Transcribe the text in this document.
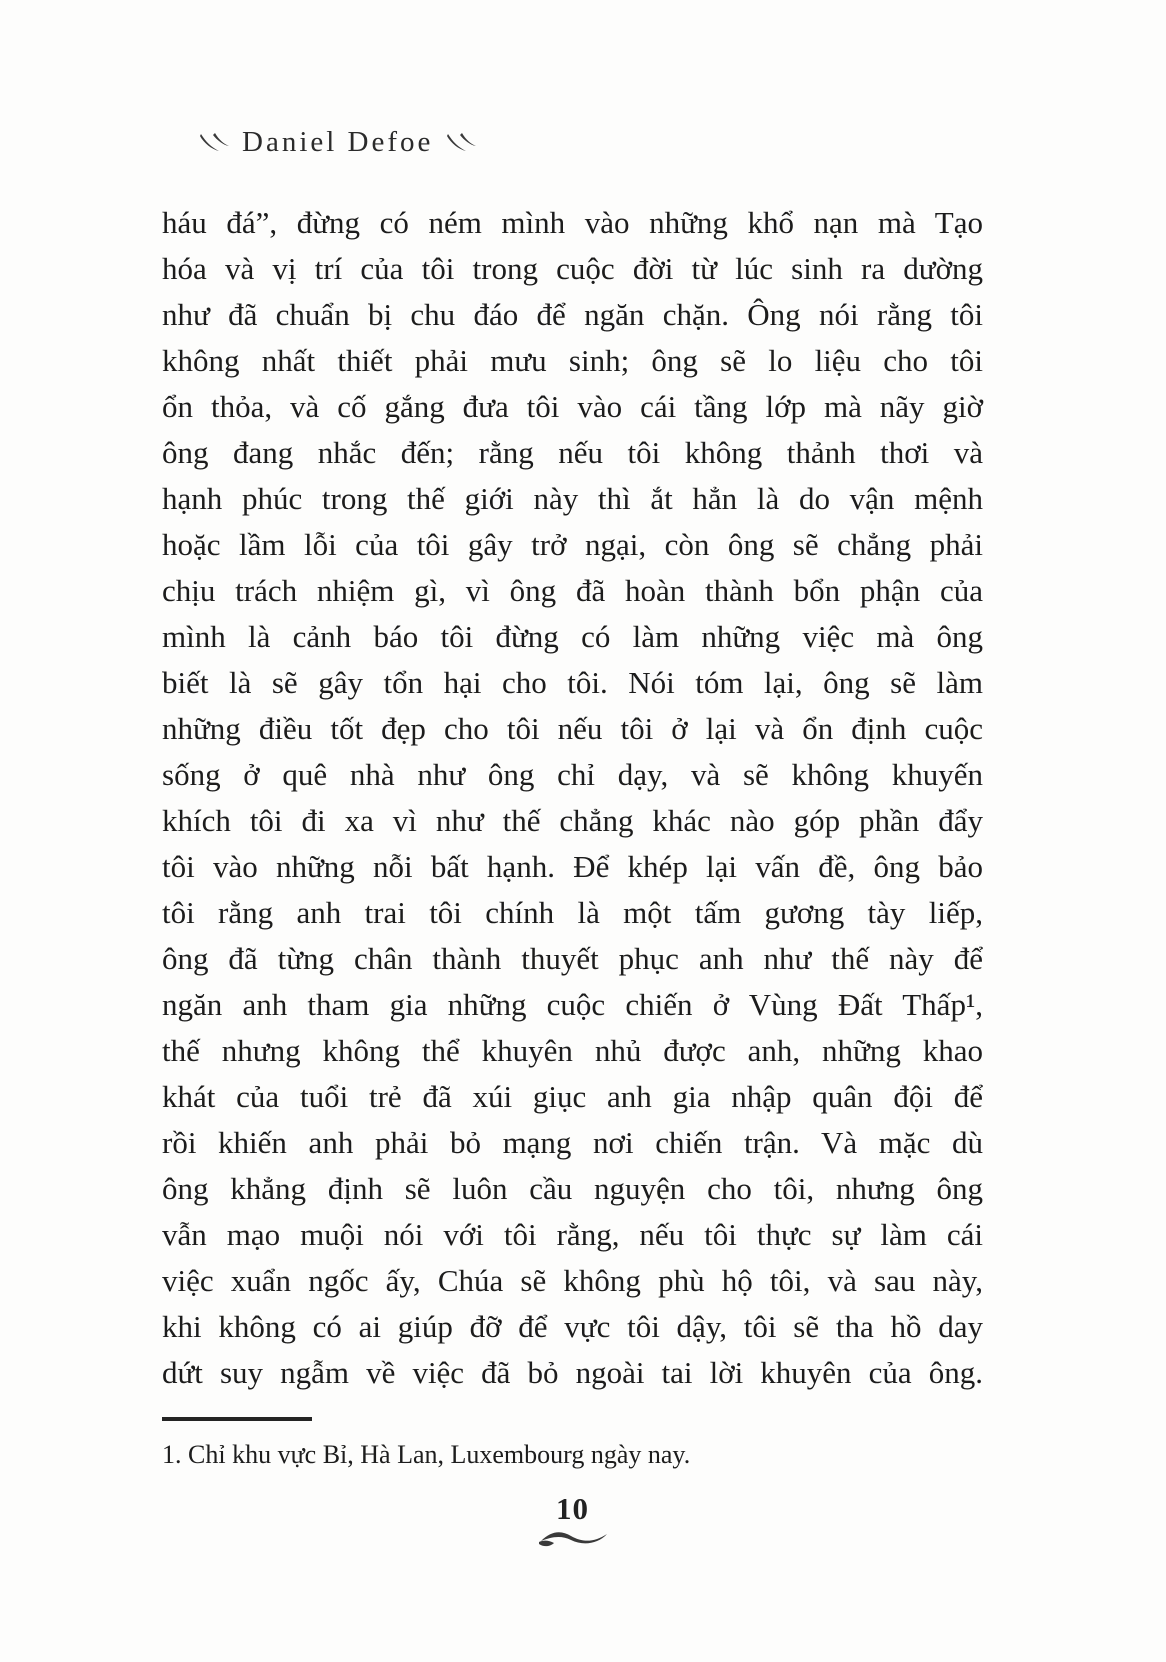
Daniel Defoe
háu đá”, đừng có ném mình vào những khổ nạn mà Tạo
hóa và vị trí của tôi trong cuộc đời từ lúc sinh ra dường
như đã chuẩn bị chu đáo để ngăn chặn. Ông nói rằng tôi
không nhất thiết phải mưu sinh; ông sẽ lo liệu cho tôi
ổn thỏa, và cố gắng đưa tôi vào cái tầng lớp mà nãy giờ
ông đang nhắc đến; rằng nếu tôi không thảnh thơi và
hạnh phúc trong thế giới này thì ắt hẳn là do vận mệnh
hoặc lầm lỗi của tôi gây trở ngại, còn ông sẽ chẳng phải
chịu trách nhiệm gì, vì ông đã hoàn thành bổn phận của
mình là cảnh báo tôi đừng có làm những việc mà ông
biết là sẽ gây tổn hại cho tôi. Nói tóm lại, ông sẽ làm
những điều tốt đẹp cho tôi nếu tôi ở lại và ổn định cuộc
sống ở quê nhà như ông chỉ dạy, và sẽ không khuyến
khích tôi đi xa vì như thế chẳng khác nào góp phần đẩy
tôi vào những nỗi bất hạnh. Để khép lại vấn đề, ông bảo
tôi rằng anh trai tôi chính là một tấm gương tày liếp,
ông đã từng chân thành thuyết phục anh như thế này để
ngăn anh tham gia những cuộc chiến ở Vùng Đất Thấp¹,
thế nhưng không thể khuyên nhủ được anh, những khao
khát của tuổi trẻ đã xúi giục anh gia nhập quân đội để
rồi khiến anh phải bỏ mạng nơi chiến trận. Và mặc dù
ông khẳng định sẽ luôn cầu nguyện cho tôi, nhưng ông
vẫn mạo muội nói với tôi rằng, nếu tôi thực sự làm cái
việc xuẩn ngốc ấy, Chúa sẽ không phù hộ tôi, và sau này,
khi không có ai giúp đỡ để vực tôi dậy, tôi sẽ tha hồ day
dứt suy ngẫm về việc đã bỏ ngoài tai lời khuyên của ông.
1. Chỉ khu vực Bỉ, Hà Lan, Luxembourg ngày nay.
10
